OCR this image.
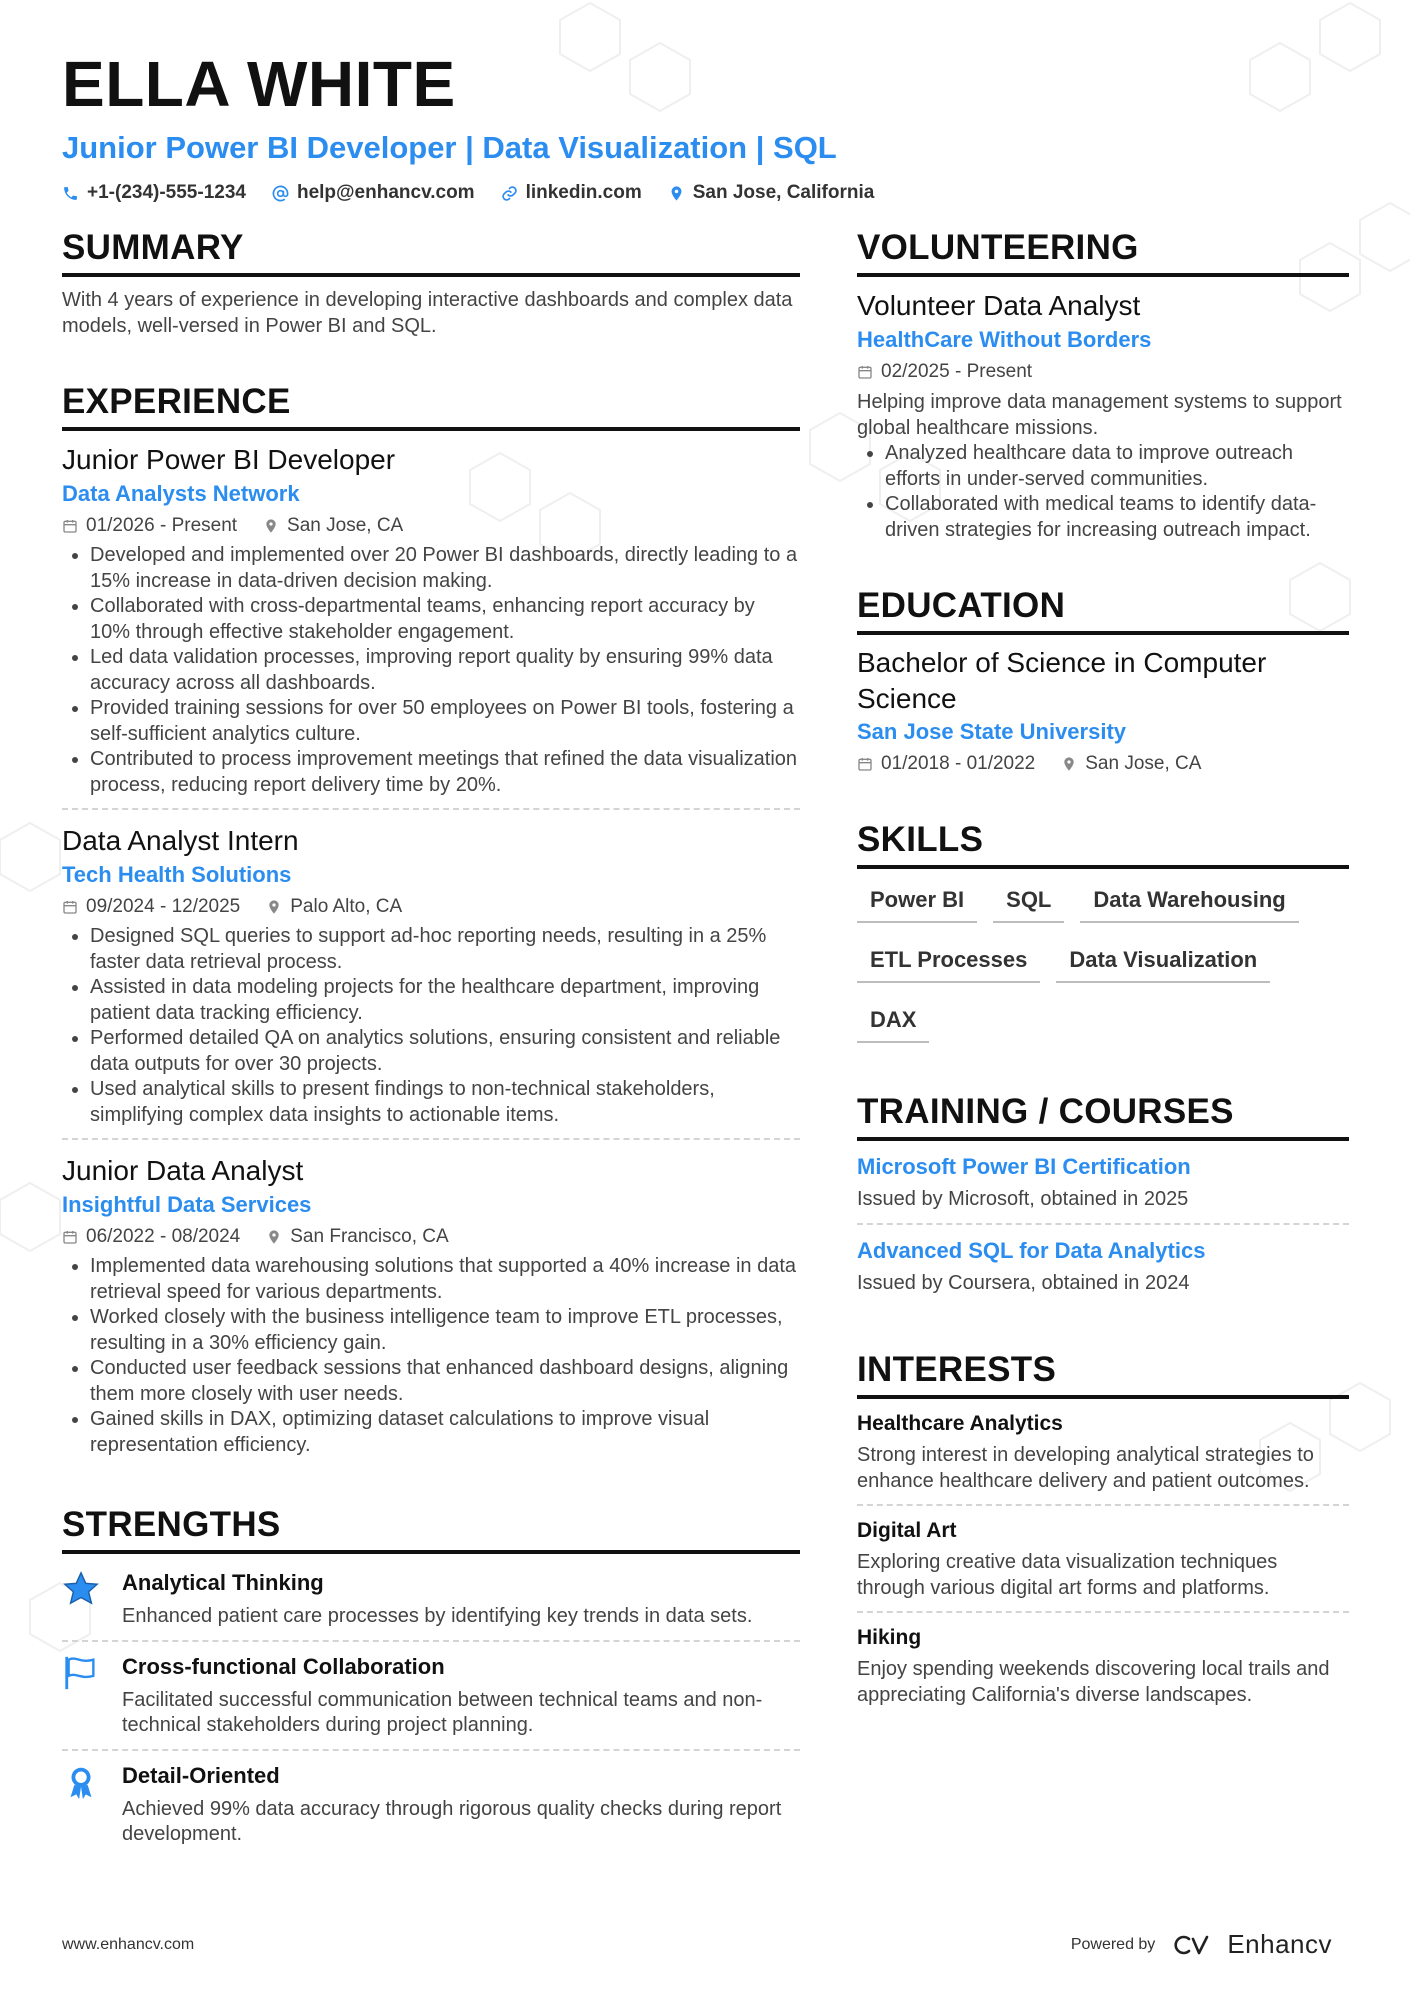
ELLA WHITE
Junior Power BI Developer | Data Visualization | SQL
+1-(234)-555-1234	help@enhancv.com	linkedin.com	San Jose, California
SUMMARY
With 4 years of experience in developing interactive dashboards and complex data models, well-versed in Power BI and SQL.
EXPERIENCE
Junior Power BI Developer
Data Analysts Network
01/2026 - Present	San Jose, CA
• Developed and implemented over 20 Power BI dashboards, directly leading to a 15% increase in data-driven decision making.
• Collaborated with cross-departmental teams, enhancing report accuracy by 10% through effective stakeholder engagement.
• Led data validation processes, improving report quality by ensuring 99% data accuracy across all dashboards.
• Provided training sessions for over 50 employees on Power BI tools, fostering a self-sufficient analytics culture.
• Contributed to process improvement meetings that refined the data visualization process, reducing report delivery time by 20%.
Data Analyst Intern
Tech Health Solutions
09/2024 - 12/2025	Palo Alto, CA
• Designed SQL queries to support ad-hoc reporting needs, resulting in a 25% faster data retrieval process.
• Assisted in data modeling projects for the healthcare department, improving patient data tracking efficiency.
• Performed detailed QA on analytics solutions, ensuring consistent and reliable data outputs for over 30 projects.
• Used analytical skills to present findings to non-technical stakeholders, simplifying complex data insights to actionable items.
Junior Data Analyst
Insightful Data Services
06/2022 - 08/2024	San Francisco, CA
• Implemented data warehousing solutions that supported a 40% increase in data retrieval speed for various departments.
• Worked closely with the business intelligence team to improve ETL processes, resulting in a 30% efficiency gain.
• Conducted user feedback sessions that enhanced dashboard designs, aligning them more closely with user needs.
• Gained skills in DAX, optimizing dataset calculations to improve visual representation efficiency.
STRENGTHS
Analytical Thinking
Enhanced patient care processes by identifying key trends in data sets.
Cross-functional Collaboration
Facilitated successful communication between technical teams and non-technical stakeholders during project planning.
Detail-Oriented
Achieved 99% data accuracy through rigorous quality checks during report development.
VOLUNTEERING
Volunteer Data Analyst
HealthCare Without Borders
02/2025 - Present
Helping improve data management systems to support global healthcare missions.
• Analyzed healthcare data to improve outreach efforts in under-served communities.
• Collaborated with medical teams to identify data-driven strategies for increasing outreach impact.
EDUCATION
Bachelor of Science in Computer Science
San Jose State University
01/2018 - 01/2022	San Jose, CA
SKILLS
Power BI	SQL	Data Warehousing
ETL Processes	Data Visualization
DAX
TRAINING / COURSES
Microsoft Power BI Certification
Issued by Microsoft, obtained in 2025
Advanced SQL for Data Analytics
Issued by Coursera, obtained in 2024
INTERESTS
Healthcare Analytics
Strong interest in developing analytical strategies to enhance healthcare delivery and patient outcomes.
Digital Art
Exploring creative data visualization techniques through various digital art forms and platforms.
Hiking
Enjoy spending weekends discovering local trails and appreciating California's diverse landscapes.
www.enhancv.com	Powered by	Enhancv
